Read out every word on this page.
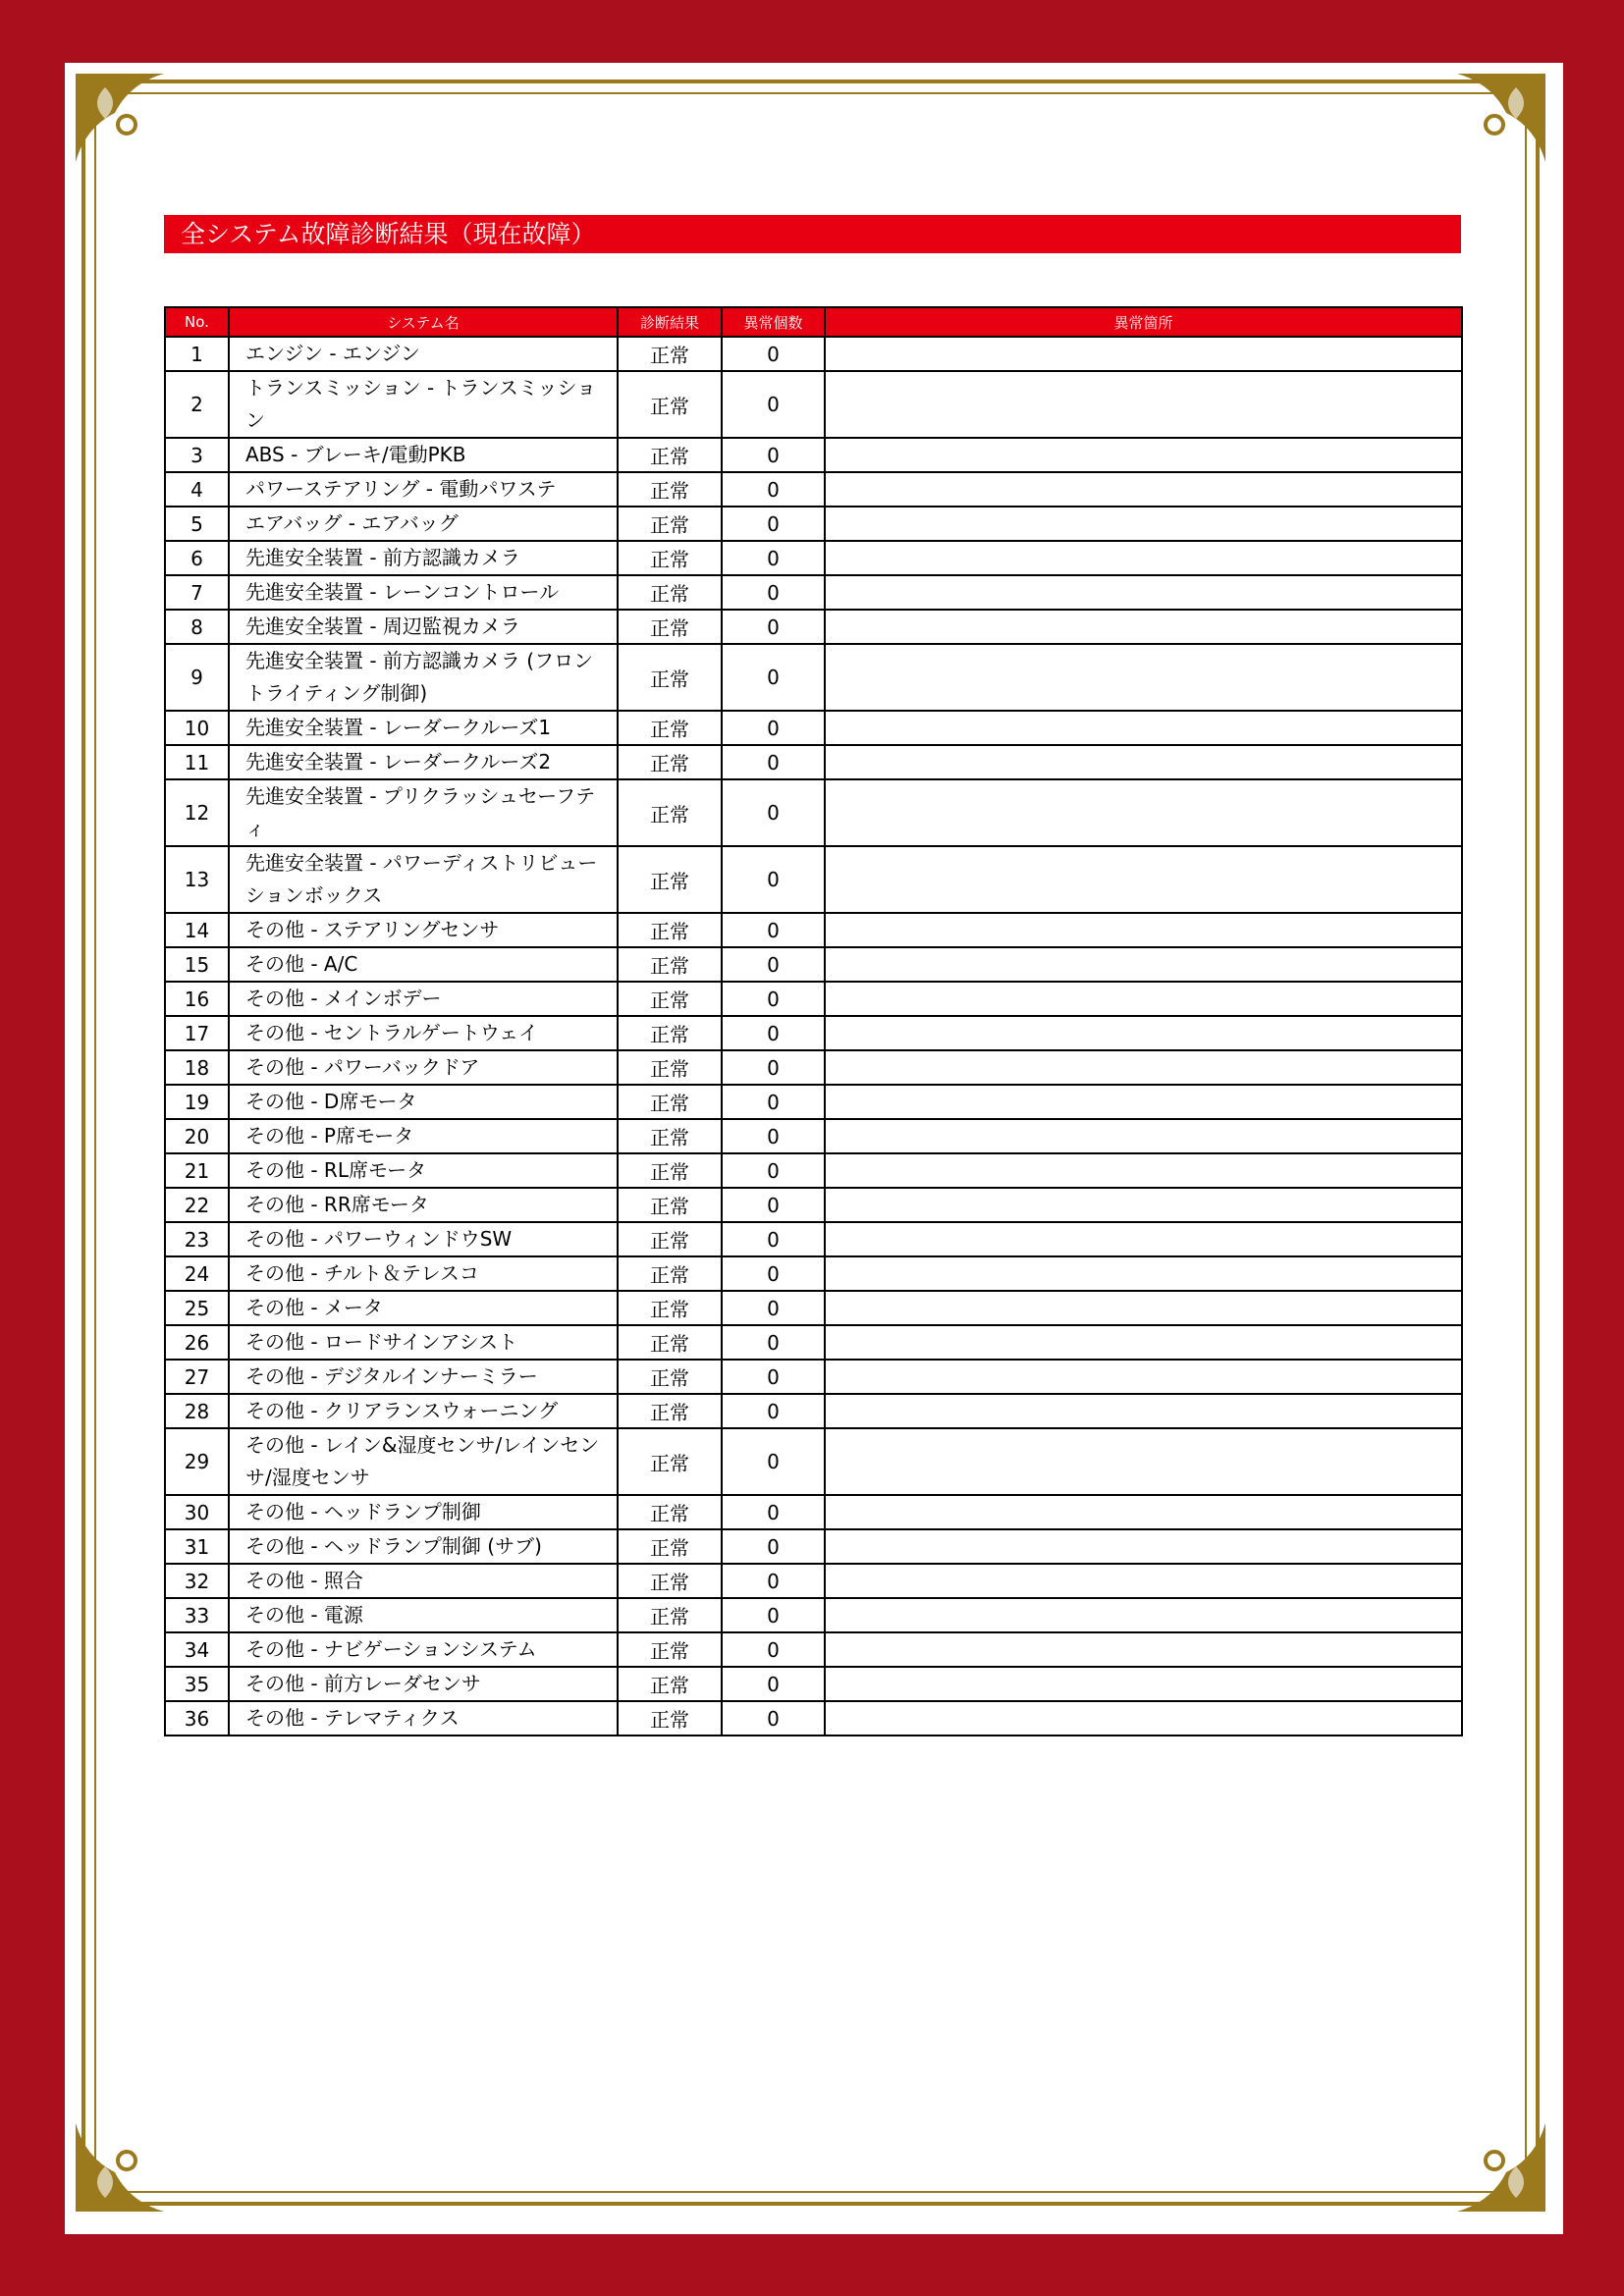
全システム故障診断結果（現在故障）
No.	システム名	診断結果	異常個数	異常箇所
1	エンジン - エンジン	正常	0	
2	トランスミッション - トランスミッション	正常	0	
3	ABS - ブレーキ/電動PKB	正常	0	
4	パワーステアリング - 電動パワステ	正常	0	
5	エアバッグ - エアバッグ	正常	0	
6	先進安全装置 - 前方認識カメラ	正常	0	
7	先進安全装置 - レーンコントロール	正常	0	
8	先進安全装置 - 周辺監視カメラ	正常	0	
9	先進安全装置 - 前方認識カメラ (フロントライティング制御)	正常	0	
10	先進安全装置 - レーダークルーズ1	正常	0	
11	先進安全装置 - レーダークルーズ2	正常	0	
12	先進安全装置 - プリクラッシュセーフティ	正常	0	
13	先進安全装置 - パワーディストリビューションボックス	正常	0	
14	その他 - ステアリングセンサ	正常	0	
15	その他 - A/C	正常	0	
16	その他 - メインボデー	正常	0	
17	その他 - セントラルゲートウェイ	正常	0	
18	その他 - パワーバックドア	正常	0	
19	その他 - D席モータ	正常	0	
20	その他 - P席モータ	正常	0	
21	その他 - RL席モータ	正常	0	
22	その他 - RR席モータ	正常	0	
23	その他 - パワーウィンドウSW	正常	0	
24	その他 - チルト＆テレスコ	正常	0	
25	その他 - メータ	正常	0	
26	その他 - ロードサインアシスト	正常	0	
27	その他 - デジタルインナーミラー	正常	0	
28	その他 - クリアランスウォーニング	正常	0	
29	その他 - レイン&湿度センサ/レインセンサ/湿度センサ	正常	0	
30	その他 - ヘッドランプ制御	正常	0	
31	その他 - ヘッドランプ制御 (サブ)	正常	0	
32	その他 - 照合	正常	0	
33	その他 - 電源	正常	0	
34	その他 - ナビゲーションシステム	正常	0	
35	その他 - 前方レーダセンサ	正常	0	
36	その他 - テレマティクス	正常	0	
